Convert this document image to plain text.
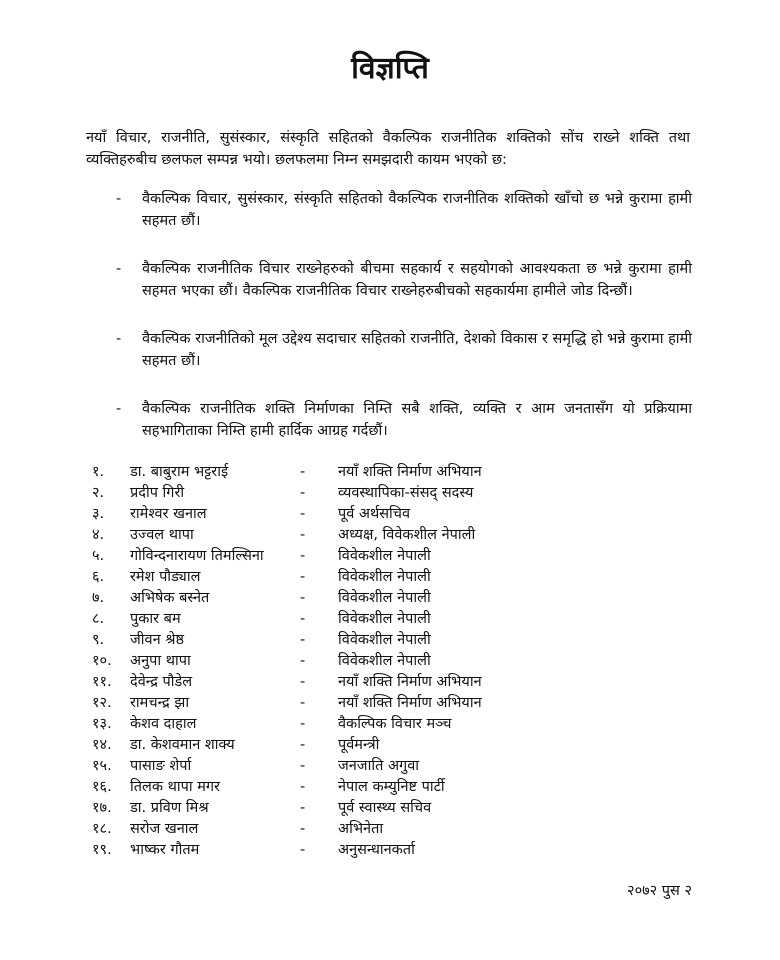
विज्ञप्ति
नयाँ विचार, राजनीति, सुसंस्कार, संस्कृति सहितको वैकल्पिक राजनीतिक शक्तिको सोंच राख्ने शक्ति तथा व्यक्तिहरुबीच छलफल सम्पन्न भयो। छलफलमा निम्न समझदारी कायम भएको छ:
- वैकल्पिक विचार, सुसंस्कार, संस्कृति सहितको वैकल्पिक राजनीतिक शक्तिको खाँचो छ भन्ने कुरामा हामी सहमत छौं।
- वैकल्पिक राजनीतिक विचार राख्नेहरुको बीचमा सहकार्य र सहयोगको आवश्यकता छ भन्ने कुरामा हामी सहमत भएका छौं। वैकल्पिक राजनीतिक विचार राख्नेहरुबीचको सहकार्यमा हामीले जोड दिन्छौं।
- वैकल्पिक राजनीतिको मूल उद्देश्य सदाचार सहितको राजनीति, देशको विकास र समृद्धि हो भन्ने कुरामा हामी सहमत छौं।
- वैकल्पिक राजनीतिक शक्ति निर्माणका निम्ति सबै शक्ति, व्यक्ति र आम जनतासँग यो प्रक्रियामा सहभागिताका निम्ति हामी हार्दिक आग्रह गर्दछौं।
१. डा. बाबुराम भट्टराई	- नयाँ शक्ति निर्माण अभियान
२. प्रदीप गिरी	- व्यवस्थापिका-संसद् सदस्य
३. रामेश्वर खनाल	- पूर्व अर्थसचिव
४. उज्वल थापा	- अध्यक्ष, विवेकशील नेपाली
५. गोविन्दनारायण तिमल्सिना	- विवेकशील नेपाली
६. रमेश पौड्याल	- विवेकशील नेपाली
७. अभिषेक बस्नेत	- विवेकशील नेपाली
८. पुकार बम	- विवेकशील नेपाली
९. जीवन श्रेष्ठ	- विवेकशील नेपाली
१०. अनुपा थापा	- विवेकशील नेपाली
११. देवेन्द्र पौडेल	- नयाँ शक्ति निर्माण अभियान
१२. रामचन्द्र झा	- नयाँ शक्ति निर्माण अभियान
१३. केशव दाहाल	- वैकल्पिक विचार मञ्च
१४. डा. केशवमान शाक्य	- पूर्वमन्त्री
१५. पासाङ शेर्पा	- जनजाति अगुवा
१६. तिलक थापा मगर	- नेपाल कम्युनिष्ट पार्टी
१७. डा. प्रविण मिश्र	- पूर्व स्वास्थ्य सचिव
१८. सरोज खनाल	- अभिनेता
१९. भाष्कर गौतम	- अनुसन्धानकर्ता
२०७२ पुस २
